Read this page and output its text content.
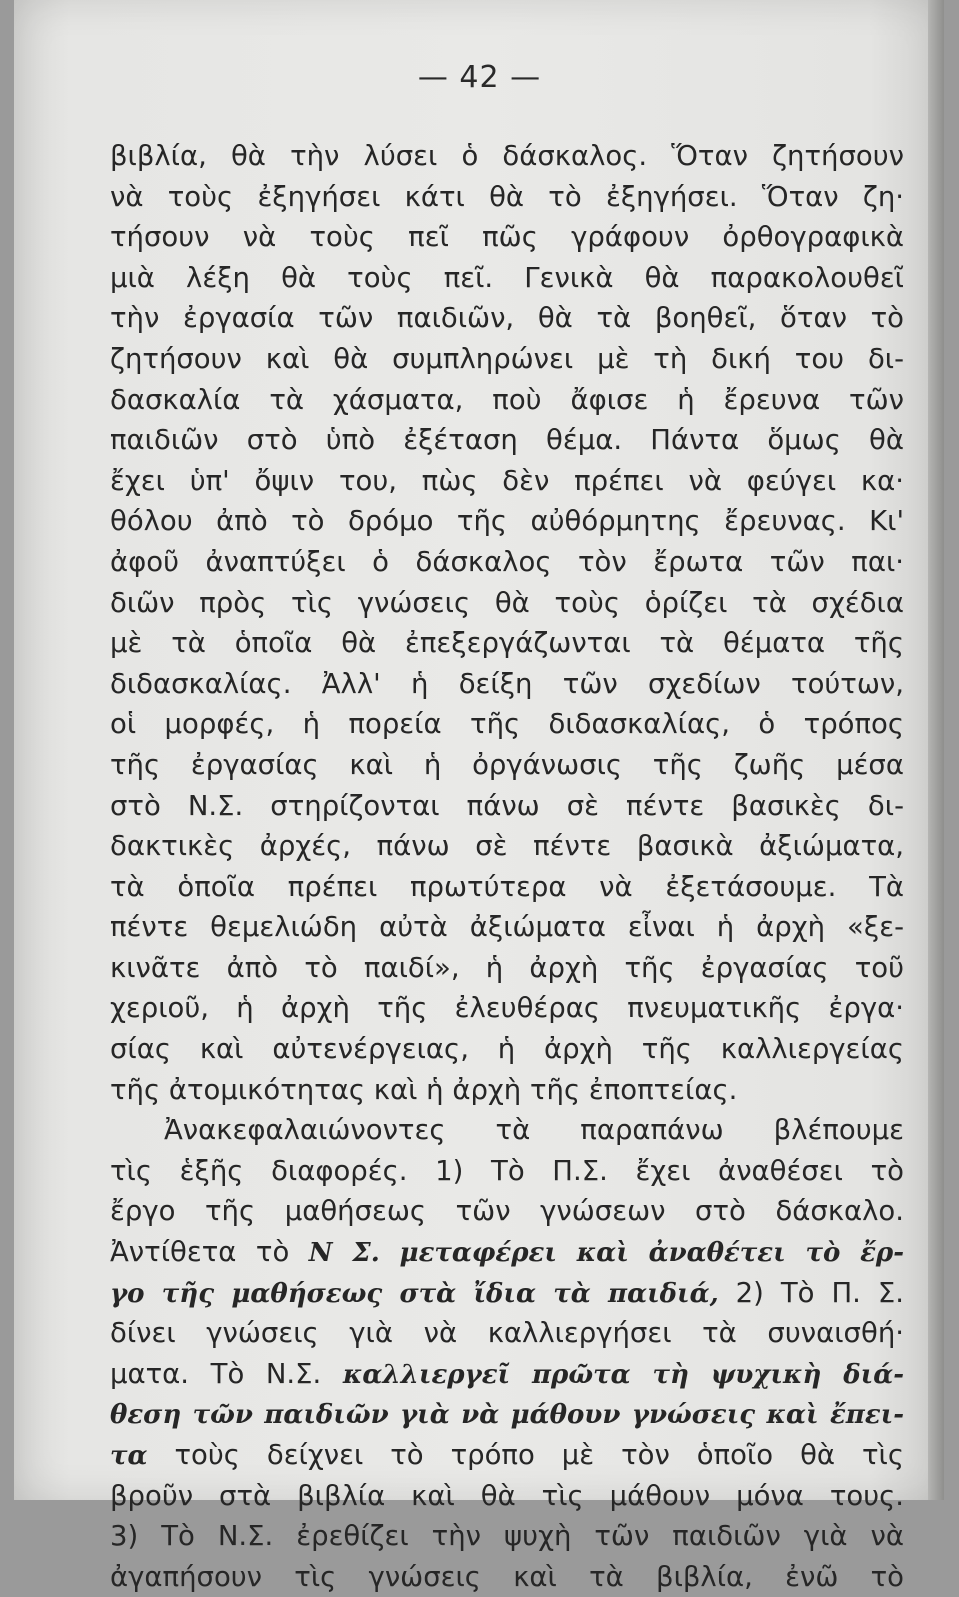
— 42 —
βιβλία, θὰ τὴν λύσει ὁ δάσκαλος. Ὅταν ζητήσουν
νὰ τοὺς ἐξηγήσει κάτι θὰ τὸ ἐξηγήσει. Ὅταν ζη·
τήσουν νὰ τοὺς πεῖ πῶς γράφουν ὀρθογραφικὰ
μιὰ λέξη θὰ τοὺς πεῖ. Γενικὰ θὰ παρακολουθεῖ
τὴν ἐργασία τῶν παιδιῶν, θὰ τὰ βοηθεῖ, ὅταν τὸ
ζητήσουν καὶ θὰ συμπληρώνει μὲ τὴ δική του δι-
δασκαλία τὰ χάσματα, ποὺ ἄφισε ἡ ἔρευνα τῶν
παιδιῶν στὸ ὑπὸ ἐξέταση θέμα. Πάντα ὅμως θὰ
ἔχει ὑπ' ὄψιν του, πὼς δὲν πρέπει νὰ φεύγει κα·
θόλου ἀπὸ τὸ δρόμο τῆς αὐθόρμητης ἔρευνας. Κι'
ἀφοῦ ἀναπτύξει ὁ δάσκαλος τὸν ἔρωτα τῶν παι·
διῶν πρὸς τὶς γνώσεις θὰ τοὺς ὁρίζει τὰ σχέδια
μὲ τὰ ὁποῖα θὰ ἐπεξεργάζωνται τὰ θέματα τῆς
διδασκαλίας. Ἀλλ' ἡ δείξη τῶν σχεδίων τούτων,
οἱ μορφές, ἡ πορεία τῆς διδασκαλίας, ὁ τρόπος
τῆς ἐργασίας καὶ ἡ ὀργάνωσις τῆς ζωῆς μέσα
στὸ Ν.Σ. στηρίζονται πάνω σὲ πέντε βασικὲς δι-
δακτικὲς ἀρχές, πάνω σὲ πέντε βασικὰ ἀξιώματα,
τὰ ὁποῖα πρέπει πρωτύτερα νὰ ἐξετάσουμε. Τὰ
πέντε θεμελιώδη αὐτὰ ἀξιώματα εἶναι ἡ ἀρχὴ «ξε-
κινᾶτε ἀπὸ τὸ παιδί», ἡ ἀρχὴ τῆς ἐργασίας τοῦ
χεριοῦ, ἡ ἀρχὴ τῆς ἐλευθέρας πνευματικῆς ἐργα·
σίας καὶ αὐτενέργειας, ἡ ἀρχὴ τῆς καλλιεργείας
τῆς ἀτομικότητας καὶ ἡ ἀρχὴ τῆς ἐποπτείας.
Ἀνακεφαλαιώνοντες τὰ παραπάνω βλέπουμε
τὶς ἑξῆς διαφορές. 1) Τὸ Π.Σ. ἔχει ἀναθέσει τὸ
ἔργο τῆς μαθήσεως τῶν γνώσεων στὸ δάσκαλο.
Ἀντίθετα τὸ Ν Σ. μεταφέρει καὶ ἀναθέτει τὸ ἔρ-
γο τῆς μαθήσεως στὰ ἴδια τὰ παιδιά, 2) Τὸ Π. Σ.
δίνει γνώσεις γιὰ νὰ καλλιεργήσει τὰ συναισθή·
ματα. Τὸ Ν.Σ. καλλιεργεῖ πρῶτα τὴ ψυχικὴ διά-
θεση τῶν παιδιῶν γιὰ νὰ μάθουν γνώσεις καὶ ἔπει-
τα τοὺς δείχνει τὸ τρόπο μὲ τὸν ὁποῖο θὰ τὶς
βροῦν στὰ βιβλία καὶ θὰ τὶς μάθουν μόνα τους.
3) Τὸ Ν.Σ. ἐρεθίζει τὴν ψυχὴ τῶν παιδιῶν γιὰ νὰ
ἀγαπήσουν τὶς γνώσεις καὶ τὰ βιβλία, ἐνῶ τὸ
